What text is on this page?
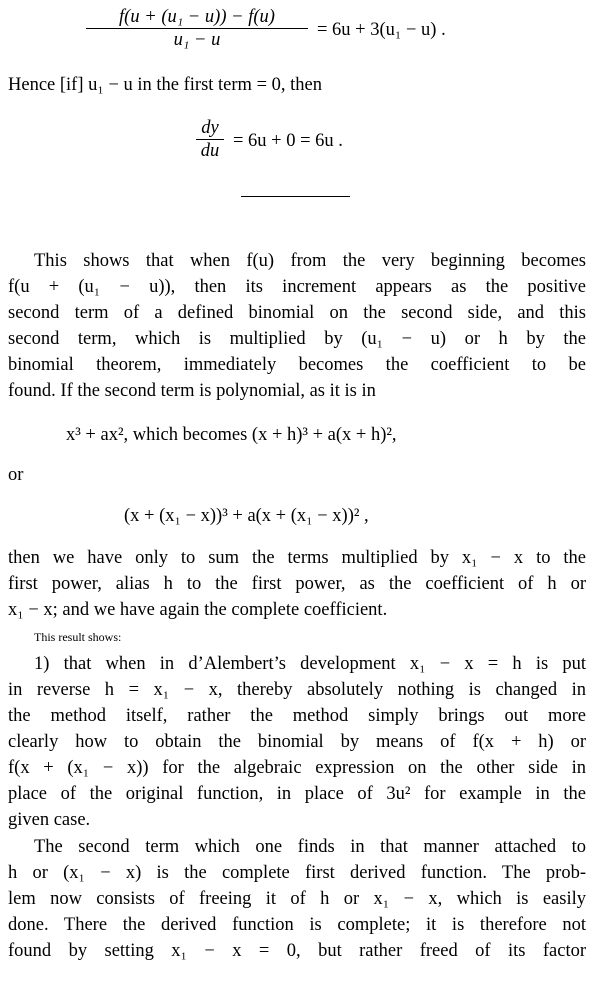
f(u + (u₁ − u)) − f(u)
u₁ − u	= 6u + 3(u₁ − u) .
Hence [if] u₁ − u in the first term = 0, then
dy
du = 6u + 0 = 6u .
This shows that when f(u) from the very beginning becomes
f(u + (u₁ − u)), then its increment appears as the positive
second term of a defined binomial on the second side, and this
second term, which is multiplied by (u₁ − u) or h by the
binomial theorem, immediately becomes the coefficient to be
found. If the second term is polynomial, as it is in
x³ + ax², which becomes (x + h)³ + a(x + h)²,
or
(x + (x₁ − x))³ + a(x + (x₁ − x))² ,
then we have only to sum the terms multiplied by x₁ − x to the
first power, alias h to the first power, as the coefficient of h or
x₁ − x; and we have again the complete coefficient.
This result shows:
1) that when in d’Alembert’s development x₁ − x = h is put
in reverse h = x₁ − x, thereby absolutely nothing is changed in
the method itself, rather the method simply brings out more
clearly how to obtain the binomial by means of f(x + h) or
f(x + (x₁ − x)) for the algebraic expression on the other side in
place of the original function, in place of 3u² for example in the
given case.
The second term which one finds in that manner attached to
h or (x₁ − x) is the complete first derived function. The prob-
lem now consists of freeing it of h or x₁ − x, which is easily
done. There the derived function is complete; it is therefore not
found by setting x₁ − x = 0, but rather freed of its factor
